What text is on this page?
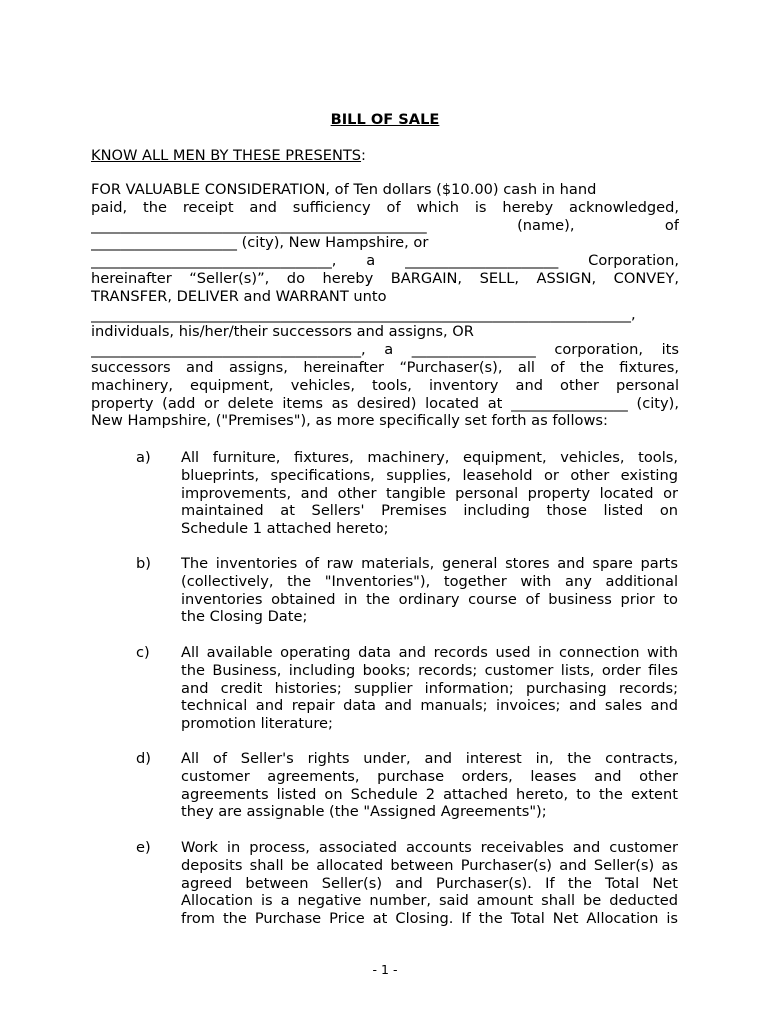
BILL OF SALE
KNOW ALL MEN BY THESE PRESENTS:
FOR VALUABLE CONSIDERATION, of Ten dollars ($10.00) cash in hand
paid, the receipt and sufficiency of which is hereby acknowledged,
______________________________________________ (name), of
____________________ (city), New Hampshire, or
_________________________________, a _____________________ Corporation,
hereinafter “Seller(s)”, do hereby BARGAIN, SELL, ASSIGN, CONVEY,
TRANSFER, DELIVER and WARRANT unto
__________________________________________________________________________,
individuals, his/her/their successors and assigns, OR
_____________________________________, a _________________ corporation, its
successors and assigns, hereinafter “Purchaser(s), all of the fixtures,
machinery, equipment, vehicles, tools, inventory and other personal
property (add or delete items as desired) located at ________________ (city),
New Hampshire, ("Premises"), as more specifically set forth as follows:
a) All furniture, fixtures, machinery, equipment, vehicles, tools,
blueprints, specifications, supplies, leasehold or other existing
improvements, and other tangible personal property located or
maintained at Sellers' Premises including those listed on
Schedule 1 attached hereto;
b) The inventories of raw materials, general stores and spare parts
(collectively, the "Inventories"), together with any additional
inventories obtained in the ordinary course of business prior to
the Closing Date;
c) All available operating data and records used in connection with
the Business, including books; records; customer lists, order files
and credit histories; supplier information; purchasing records;
technical and repair data and manuals; invoices; and sales and
promotion literature;
d) All of Seller's rights under, and interest in, the contracts,
customer agreements, purchase orders, leases and other
agreements listed on Schedule 2 attached hereto, to the extent
they are assignable (the "Assigned Agreements");
e) Work in process, associated accounts receivables and customer
deposits shall be allocated between Purchaser(s) and Seller(s) as
agreed between Seller(s) and Purchaser(s). If the Total Net
Allocation is a negative number, said amount shall be deducted
from the Purchase Price at Closing. If the Total Net Allocation is
- 1 -
